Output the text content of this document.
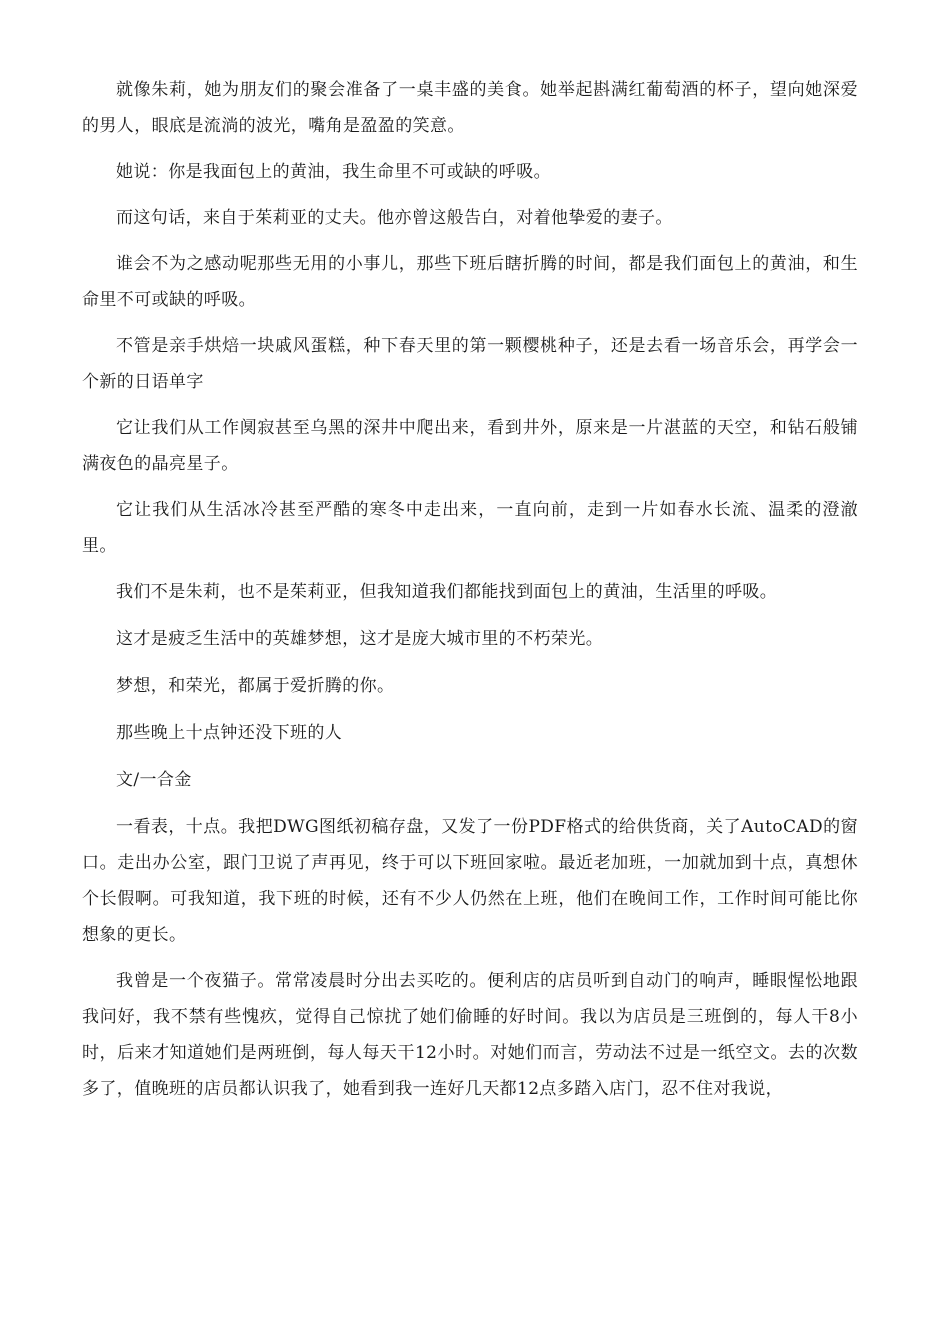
就像朱莉，她为朋友们的聚会准备了一桌丰盛的美食。她举起斟满红葡萄酒的杯子，望向她深爱的男人，眼底是流淌的波光，嘴角是盈盈的笑意。

她说：你是我面包上的黄油，我生命里不可或缺的呼吸。

而这句话，来自于茱莉亚的丈夫。他亦曾这般告白，对着他挚爱的妻子。

谁会不为之感动呢那些无用的小事儿，那些下班后瞎折腾的时间，都是我们面包上的黄油，和生命里不可或缺的呼吸。

不管是亲手烘焙一块戚风蛋糕，种下春天里的第一颗樱桃种子，还是去看一场音乐会，再学会一个新的日语单字

它让我们从工作阒寂甚至乌黑的深井中爬出来，看到井外，原来是一片湛蓝的天空，和钻石般铺满夜色的晶亮星子。

它让我们从生活冰冷甚至严酷的寒冬中走出来，一直向前，走到一片如春水长流、温柔的澄澈里。

我们不是朱莉，也不是茱莉亚，但我知道我们都能找到面包上的黄油，生活里的呼吸。

这才是疲乏生活中的英雄梦想，这才是庞大城市里的不朽荣光。

梦想，和荣光，都属于爱折腾的你。

那些晚上十点钟还没下班的人

文/一合金

一看表，十点。我把DWG图纸初稿存盘，又发了一份PDF格式的给供货商，关了AutoCAD的窗口。走出办公室，跟门卫说了声再见，终于可以下班回家啦。最近老加班，一加就加到十点，真想休个长假啊。可我知道，我下班的时候，还有不少人仍然在上班，他们在晚间工作，工作时间可能比你想象的更长。

我曾是一个夜猫子。常常凌晨时分出去买吃的。便利店的店员听到自动门的响声，睡眼惺忪地跟我问好，我不禁有些愧疚，觉得自己惊扰了她们偷睡的好时间。我以为店员是三班倒的，每人干8小时，后来才知道她们是两班倒，每人每天干12小时。对她们而言，劳动法不过是一纸空文。去的次数多了，值晚班的店员都认识我了，她看到我一连好几天都12点多踏入店门，忍不住对我说，
